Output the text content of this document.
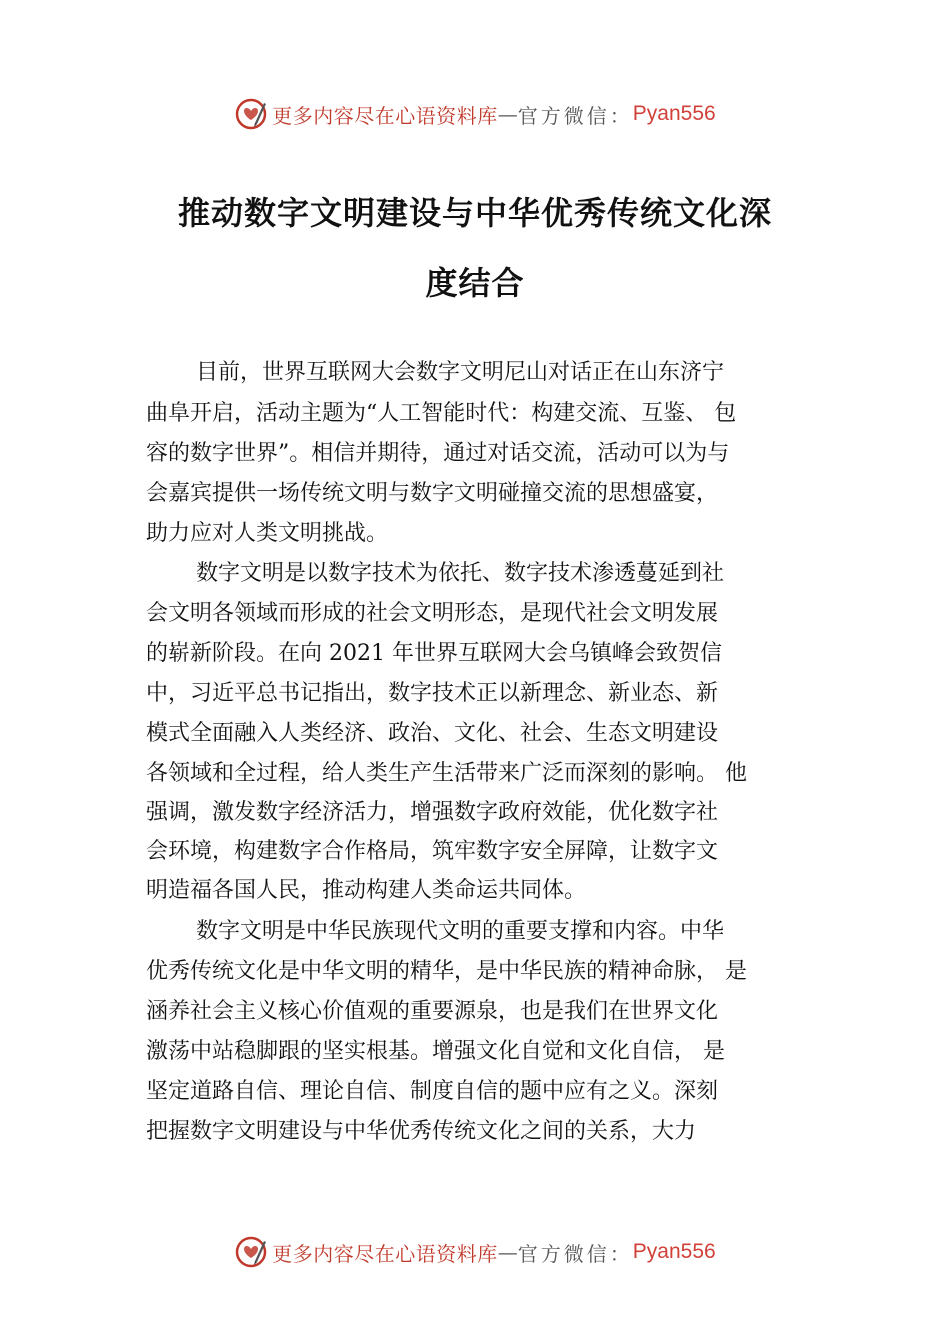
更多内容尽在心语资料库 — 官方微信： Pyan556
推动数字文明建设与中华优秀传统文化深
度结合
目前，世界互联网大会数字文明尼山对话正在山东济宁
曲阜开启，活动主题为“人工智能时代：构建交流、互鉴、 包
容的数字世界”。相信并期待，通过对话交流，活动可以为与
会嘉宾提供一场传统文明与数字文明碰撞交流的思想盛宴，
助力应对人类文明挑战。
数字文明是以数字技术为依托、数字技术渗透蔓延到社
会文明各领域而形成的社会文明形态，是现代社会文明发展
的崭新阶段。在向 2021 年世界互联网大会乌镇峰会致贺信
中，习近平总书记指出，数字技术正以新理念、新业态、新
模式全面融入人类经济、政治、文化、社会、生态文明建设
各领域和全过程，给人类生产生活带来广泛而深刻的影响。 他
强调，激发数字经济活力，增强数字政府效能，优化数字社
会环境，构建数字合作格局，筑牢数字安全屏障，让数字文
明造福各国人民，推动构建人类命运共同体。
数字文明是中华民族现代文明的重要支撑和内容。中华
优秀传统文化是中华文明的精华，是中华民族的精神命脉， 是
涵养社会主义核心价值观的重要源泉，也是我们在世界文化
激荡中站稳脚跟的坚实根基。增强文化自觉和文化自信， 是
坚定道路自信、理论自信、制度自信的题中应有之义。深刻
把握数字文明建设与中华优秀传统文化之间的关系，大力
更多内容尽在心语资料库 — 官方微信： Pyan556
